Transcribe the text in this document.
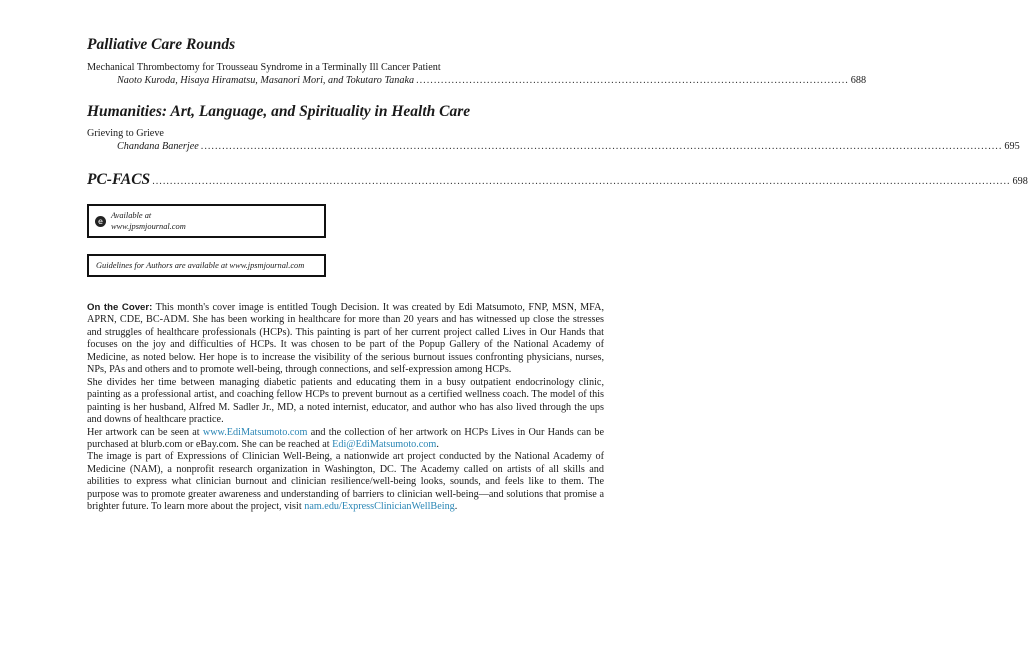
Palliative Care Rounds
Mechanical Thrombectomy for Trousseau Syndrome in a Terminally Ill Cancer Patient
Naoto Kuroda, Hisaya Hiramatsu, Masanori Mori, and Tokutaro Tanaka .......................................................................................................................... 688
Humanities: Art, Language, and Spirituality in Health Care
Grieving to Grieve
Chandana Banerjee .................................................................................................................................................................................................................................. 695
PC-FACS .................................................................................................................................................................................................................................................. 698
e
Available at
www.jpsmjournal.com
Guidelines for Authors are available at www.jpsmjournal.com

On the Cover: This month's cover image is entitled Tough Decision. It was created by Edi Matsumoto, FNP, MSN, MFA, APRN, CDE, BC-ADM. She has been working in healthcare for more than 20 years and has witnessed up close the stresses and struggles of healthcare professionals (HCPs). This painting is part of her current project called Lives in Our Hands that focuses on the joy and difficulties of HCPs. It was chosen to be part of the Popup Gallery of the National Academy of Medicine, as noted below. Her hope is to increase the visibility of the serious burnout issues confronting physicians, nurses, NPs, PAs and others and to promote well-being, through connections, and self-expression among HCPs.

She divides her time between managing diabetic patients and educating them in a busy outpatient endocrinology clinic, painting as a professional artist, and coaching fellow HCPs to prevent burnout as a certified wellness coach. The model of this painting is her husband, Alfred M. Sadler Jr., MD, a noted internist, educator, and author who has also lived through the ups and downs of healthcare practice.

Her artwork can be seen at www.EdiMatsumoto.com and the collection of her artwork on HCPs Lives in Our Hands can be purchased at blurb.com or eBay.com. She can be reached at Edi@EdiMatsumoto.com.

The image is part of Expressions of Clinician Well-Being, a nationwide art project conducted by the National Academy of Medicine (NAM), a nonprofit research organization in Washington, DC. The Academy called on artists of all skills and abilities to express what clinician burnout and clinician resilience/well-being looks, sounds, and feels like to them. The purpose was to promote greater awareness and understanding of barriers to clinician well-being—and solutions that promise a brighter future. To learn more about the project, visit nam.edu/ExpressClinicianWellBeing.
